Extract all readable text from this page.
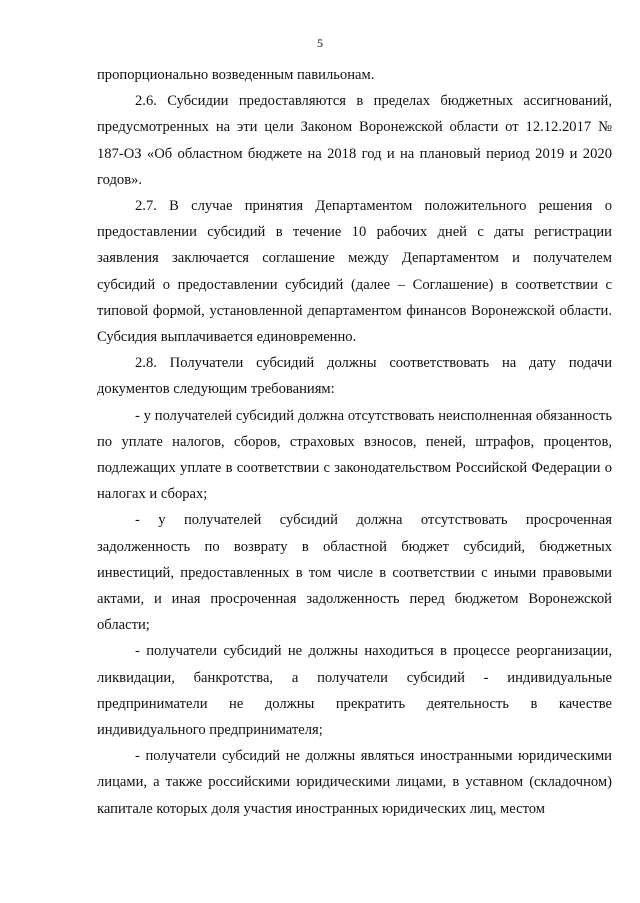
5

пропорционально возведенным павильонам.

2.6. Субсидии предоставляются в пределах бюджетных ассигнований, предусмотренных на эти цели Законом Воронежской области от 12.12.2017 № 187-ОЗ «Об областном бюджете на 2018 год и на плановый период 2019 и 2020 годов».

2.7. В случае принятия Департаментом положительного решения о предоставлении субсидий в течение 10 рабочих дней с даты регистрации заявления заключается соглашение между Департаментом и получателем субсидий о предоставлении субсидий (далее – Соглашение) в соответствии с типовой формой, установленной департаментом финансов Воронежской области. Субсидия выплачивается единовременно.

2.8. Получатели субсидий должны соответствовать на дату подачи документов следующим требованиям:

- у получателей субсидий должна отсутствовать неисполненная обязанность по уплате налогов, сборов, страховых взносов, пеней, штрафов, процентов, подлежащих уплате в соответствии с законодательством Российской Федерации о налогах и сборах;

- у получателей субсидий должна отсутствовать просроченная задолженность по возврату в областной бюджет субсидий, бюджетных инвестиций, предоставленных в том числе в соответствии с иными правовыми актами, и иная просроченная задолженность перед бюджетом Воронежской области;

- получатели субсидий не должны находиться в процессе реорганизации, ликвидации, банкротства, а получатели субсидий - индивидуальные предприниматели не должны прекратить деятельность в качестве индивидуального предпринимателя;

- получатели субсидий не должны являться иностранными юридическими лицами, а также российскими юридическими лицами, в уставном (складочном) капитале которых доля участия иностранных юридических лиц, местом
